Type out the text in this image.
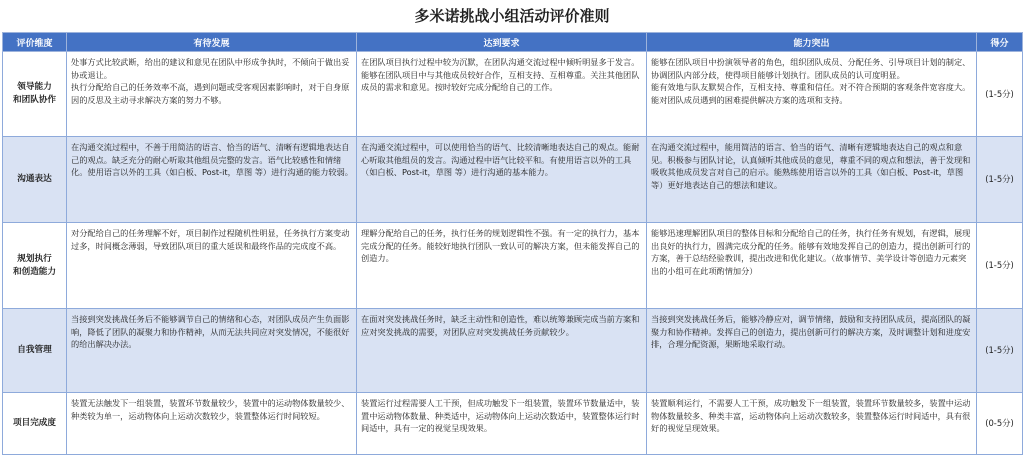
多米诺挑战小组活动评价准则
评价维度	有待发展	达到要求	能力突出	得分

领导能力
和团队协作	处事方式比较武断，给出的建议和意见在团队中形成争执时，不倾向于做出妥协或退让。
执行分配给自己的任务效率不高，遇到问题或受客观因素影响时，对于自身原因的反思及主动寻求解决方案的努力不够。	在团队项目执行过程中较为沉默，在团队沟通交流过程中倾听明显多于发言。
能够在团队项目中与其他成员较好合作，互相支持、互相尊重。关注其他团队成员的需求和意见。按时较好完成分配给自己的工作。	能够在团队项目中扮演领导者的角色，组织团队成员、分配任务、引导项目计划的制定、协调团队内部分歧，使得项目能够计划执行。团队成员的认可度明显。
能有效地与队友默契合作，互相支持、尊重和信任。对不符合预期的客观条件宽容度大。能对团队成员遇到的困难提供解决方案的选项和支持。	(1-5分)

沟通表达	在沟通交流过程中，不善于用简洁的语言、恰当的语气、清晰有逻辑地表达自己的观点。缺乏充分的耐心听取其他组员完整的发言。语气比较感性和情绪化。使用语言以外的工具（如白板、Post-it，草图 等）进行沟通的能力较弱。	在沟通交流过程中，可以使用恰当的语气、比较清晰地表达自己的观点。能耐心听取其他组员的发言。沟通过程中语气比较平和。有使用语言以外的工具（如白板、Post-it，草图 等）进行沟通的基本能力。	在沟通交流过程中，能用简洁的语言、恰当的语气、清晰有逻辑地表达自己的观点和意见。积极参与团队讨论，认真倾听其他成员的意见，尊重不同的观点和想法，善于发现和吸收其他成员发言对自己的启示。能熟练使用语言以外的工具（如白板、Post-it，草图 等）更好地表达自己的想法和建议。	(1-5分)

规划执行
和创造能力	对分配给自己的任务理解不好，项目制作过程随机性明显，任务执行方案变动过多，时间概念薄弱，导致团队项目的重大延误和最终作品的完成度不高。	理解分配给自己的任务，执行任务的规划逻辑性不强。有一定的执行力，基本完成分配的任务。能较好地执行团队一致认可的解决方案，但未能发挥自己的创造力。	能够迅速理解团队项目的整体目标和分配给自己的任务，执行任务有规划，有逻辑，展现出良好的执行力，圆满完成分配的任务。能够有效地发挥自己的创造力，提出创新可行的方案，善于总结经验教训，提出改进和优化建议。（故事情节、美学设计等创造力元素突出的小组可在此项酌情加分）	(1-5分)

自我管理	当接到突发挑战任务后不能够调节自己的情绪和心态，对团队成员产生负面影响，降低了团队的凝聚力和协作精神，从而无法共同应对突发情况，不能很好的给出解决办法。	在面对突发挑战任务时，缺乏主动性和创造性，难以统筹兼顾完成当前方案和应对突发挑战的需要，对团队应对突发挑战任务贡献较少。	当接到突发挑战任务后，能够冷静应对，调节情绪，鼓励和支持团队成员，提高团队的凝聚力和协作精神。发挥自己的创造力，提出创新可行的解决方案，及时调整计划和进度安排，合理分配资源，果断地采取行动。	(1-5分)

项目完成度	装置无法触发下一组装置，装置环节数量较少，装置中的运动物体数量较少、种类较为单一，运动物体向上运动次数较少，装置整体运行时间较短。	装置运行过程需要人工干预，但成功触发下一组装置，装置环节数量适中，装置中运动物体数量、种类适中，运动物体向上运动次数适中，装置整体运行时间适中，具有一定的视觉呈现效果。	装置顺利运行，不需要人工干预，成功触发下一组装置，装置环节数量较多，装置中运动物体数量较多、种类丰富，运动物体向上运动次数较多，装置整体运行时间适中，具有很好的视觉呈现效果。	(0-5分)
